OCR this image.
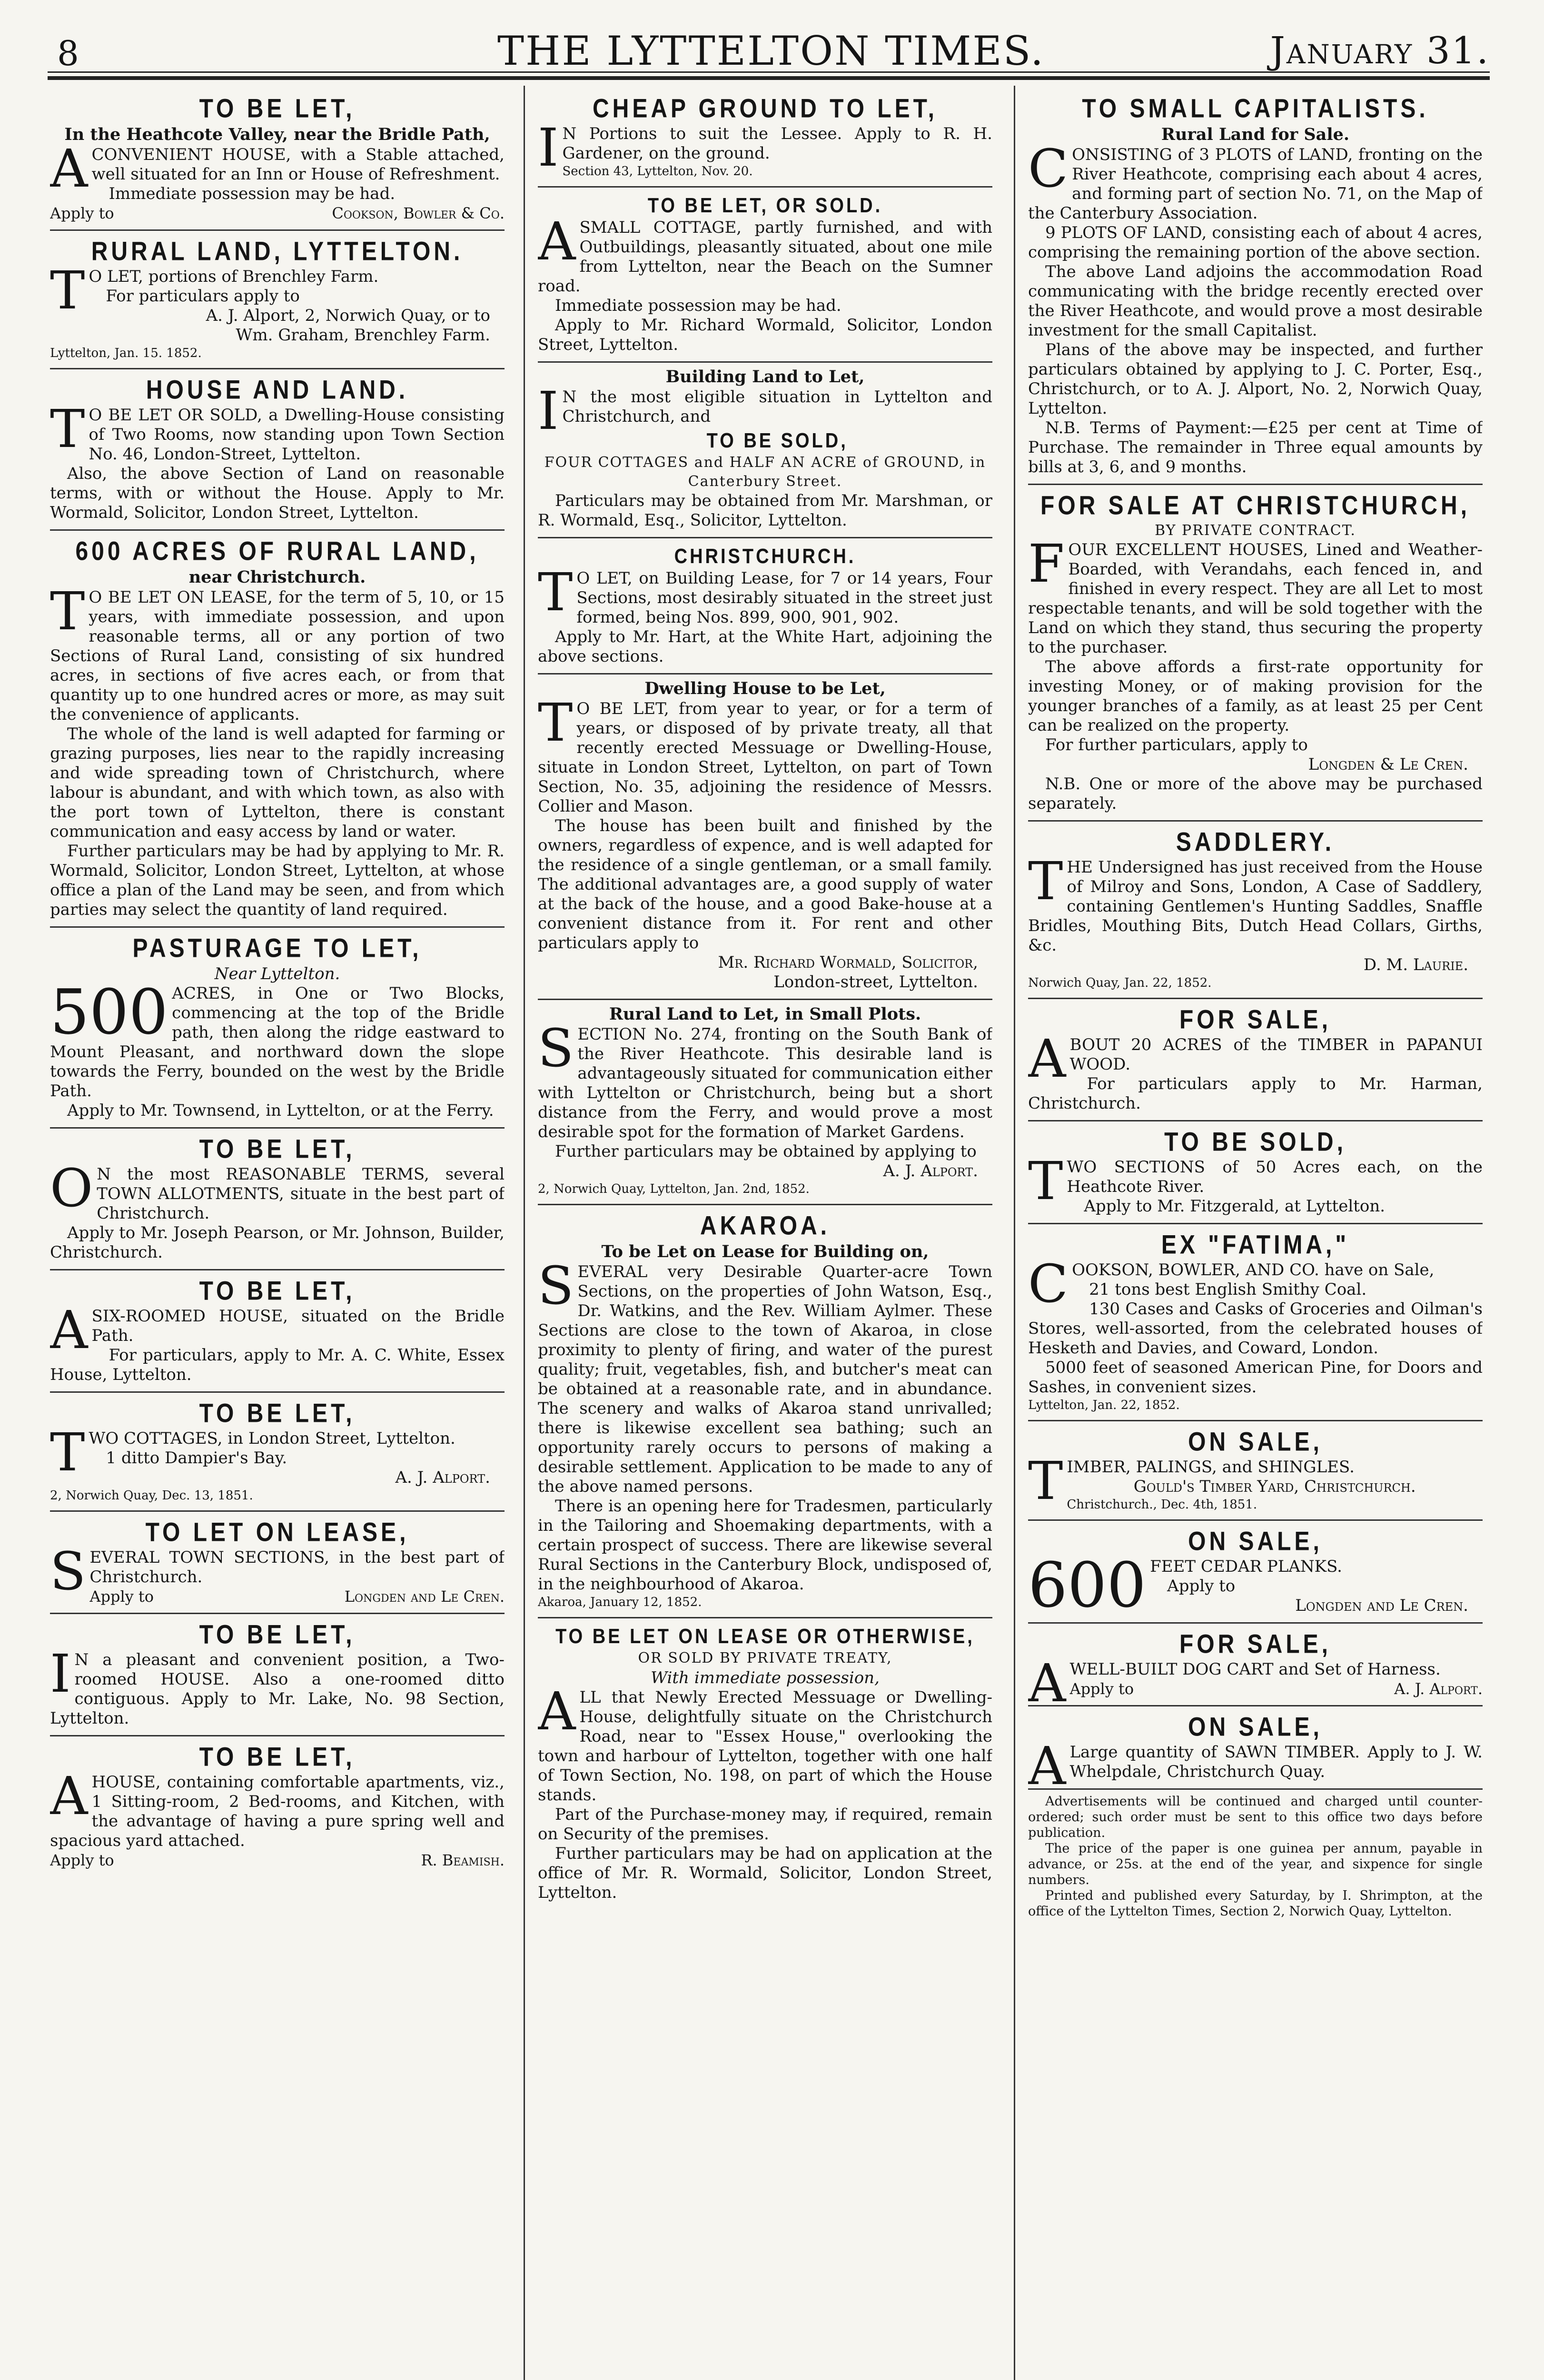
8	THE LYTTELTON TIMES.	January 31.
TO BE LET,
In the Heathcote Valley, near the Bridle Path,

ACONVENIENT HOUSE, with a Stable attached, well situated for an Inn or House of Refreshment.

Immediate possession may be had.

Apply to	Cookson, Bowler & Co.
RURAL LAND, LYTTELTON.

T O LET, portions of Brenchley Farm.

For particulars apply to

A. J. Alport, 2, Norwich Quay, or to

Wm. Graham, Brenchley Farm.

Lyttelton, Jan. 15. 1852.

HOUSE AND LAND.

T O BE LET OR SOLD, a Dwelling-House consisting of Two Rooms, now standing upon Town Section No. 46, London-Street, Lyttelton.

Also, the above Section of Land on reasonable terms, with or without the House. Apply to Mr. Wormald, Solicitor, London Street, Lyttelton.

600 ACRES OF RURAL LAND,
near Christchurch.

T O BE LET ON LEASE, for the term of 5, 10, or 15 years, with immediate possession, and upon reasonable terms, all or any portion of two Sections of Rural Land, consisting of six hundred acres, in sections of five acres each, or from that quantity up to one hundred acres or more, as may suit the convenience of applicants.

The whole of the land is well adapted for farming or grazing purposes, lies near to the rapidly increasing and wide spreading town of Christchurch, where labour is abundant, and with which town, as also with the port town of Lyttelton, there is constant communication and easy access by land or water.

Further particulars may be had by applying to Mr. R. Wormald, Solicitor, London Street, Lyttelton, at whose office a plan of the Land may be seen, and from which parties may select the quantity of land required.

PASTURAGE TO LET,
Near Lyttelton.

500 ACRES, in One or Two Blocks, commencing at the top of the Bridle path, then along the ridge eastward to Mount Pleasant, and northward down the slope towards the Ferry, bounded on the west by the Bridle Path.

Apply to Mr. Townsend, in Lyttelton, or at the Ferry.

TO BE LET,

O N the most REASONABLE TERMS, several TOWN ALLOTMENTS, situate in the best part of Christchurch.

Apply to Mr. Joseph Pearson, or Mr. Johnson, Builder, Christchurch.

TO BE LET,

ASIX-ROOMED HOUSE, situated on the Bridle Path.

For particulars, apply to Mr. A. C. White, Essex House, Lyttelton.

TO BE LET,

TWO COTTAGES, in London Street, Lyttelton.

1 ditto Dampier's Bay.

A. J. Alport.

2, Norwich Quay, Dec. 13, 1851.

TO LET ON LEASE,

SEVERAL TOWN SECTIONS, in the best part of Christchurch.

Apply to	Longden and Le Cren.
TO BE LET,

I N a pleasant and convenient position, a Two-roomed HOUSE. Also a one-roomed ditto contiguous. Apply to Mr. Lake, No. 98 Section, Lyttelton.

TO BE LET,

AHOUSE, containing comfortable apartments, viz., 1 Sitting-room, 2 Bed-rooms, and Kitchen, with the advantage of having a pure spring well and spacious yard attached.

Apply to	R. Beamish.
CHEAP GROUND TO LET,

I N Portions to suit the Lessee. Apply to R. H. Gardener, on the ground.

Section 43, Lyttelton, Nov. 20.

TO BE LET, OR SOLD.

ASMALL COTTAGE, partly furnished, and with Outbuildings, pleasantly situated, about one mile from Lyttelton, near the Beach on the Sumner road.

Immediate possession may be had.

Apply to Mr. Richard Wormald, Solicitor, London Street, Lyttelton.

Building Land to Let,

I N the most eligible situation in Lyttelton and Christchurch, and

TO BE SOLD,
FOUR COTTAGES and HALF AN ACRE of GROUND, in Canterbury Street.

Particulars may be obtained from Mr. Marshman, or R. Wormald, Esq., Solicitor, Lyttelton.

CHRISTCHURCH.

T O LET, on Building Lease, for 7 or 14 years, Four Sections, most desirably situated in the street just formed, being Nos. 899, 900, 901, 902.

Apply to Mr. Hart, at the White Hart, adjoining the above sections.

Dwelling House to be Let,

T O BE LET, from year to year, or for a term of years, or disposed of by private treaty, all that recently erected Messuage or Dwelling-House, situate in London Street, Lyttelton, on part of Town Section, No. 35, adjoining the residence of Messrs. Collier and Mason.

The house has been built and finished by the owners, regardless of expence, and is well adapted for the residence of a single gentleman, or a small family. The additional advantages are, a good supply of water at the back of the house, and a good Bake-house at a convenient distance from it. For rent and other particulars apply to

Mr. Richard Wormald, Solicitor,

London-street, Lyttelton.

Rural Land to Let, in Small Plots.

SECTION No. 274, fronting on the South Bank of the River Heathcote. This desirable land is advantageously situated for communication either with Lyttelton or Christchurch, being but a short distance from the Ferry, and would prove a most desirable spot for the formation of Market Gardens.

Further particulars may be obtained by applying to

A. J. Alport.

2, Norwich Quay, Lyttelton, Jan. 2nd, 1852.

AKAROA.
To be Let on Lease for Building on,

SEVERAL very Desirable Quarter-acre Town Sections, on the properties of John Watson, Esq., Dr. Watkins, and the Rev. William Aylmer. These Sections are close to the town of Akaroa, in close proximity to plenty of firing, and water of the purest quality; fruit, vegetables, fish, and butcher's meat can be obtained at a reasonable rate, and in abundance. The scenery and walks of Akaroa stand unrivalled; there is likewise excellent sea bathing; such an opportunity rarely occurs to persons of making a desirable settlement. Application to be made to any of the above named persons.

There is an opening here for Tradesmen, particularly in the Tailoring and Shoemaking departments, with a certain prospect of success. There are likewise several Rural Sections in the Canterbury Block, undisposed of, in the neighbourhood of Akaroa.

Akaroa, January 12, 1852.

TO BE LET ON LEASE OR OTHERWISE,
OR SOLD BY PRIVATE TREATY,
With immediate possession,

ALL that Newly Erected Messuage or Dwelling-House, delightfully situate on the Christchurch Road, near to "Essex House," overlooking the town and harbour of Lyttelton, together with one half of Town Section, No. 198, on part of which the House stands.

Part of the Purchase-money may, if required, remain on Security of the premises.

Further particulars may be had on application at the office of Mr. R. Wormald, Solicitor, London Street, Lyttelton.

TO SMALL CAPITALISTS.
Rural Land for Sale.

CONSISTING of 3 PLOTS of LAND, fronting on the River Heathcote, comprising each about 4 acres, and forming part of section No. 71, on the Map of the Canterbury Association.

9 PLOTS OF LAND, consisting each of about 4 acres, comprising the remaining portion of the above section.

The above Land adjoins the accommodation Road communicating with the bridge recently erected over the River Heathcote, and would prove a most desirable investment for the small Capitalist.

Plans of the above may be inspected, and further particulars obtained by applying to J. C. Porter, Esq., Christchurch, or to A. J. Alport, No. 2, Norwich Quay, Lyttelton.

N.B. Terms of Payment:—£25 per cent at Time of Purchase. The remainder in Three equal amounts by bills at 3, 6, and 9 months.

FOR SALE AT CHRISTCHURCH,
BY PRIVATE CONTRACT.

FOUR EXCELLENT HOUSES, Lined and Weather-Boarded, with Verandahs, each fenced in, and finished in every respect. They are all Let to most respectable tenants, and will be sold together with the Land on which they stand, thus securing the property to the purchaser.

The above affords a first-rate opportunity for investing Money, or of making provision for the younger branches of a family, as at least 25 per Cent can be realized on the property.

For further particulars, apply to

Longden & Le Cren.

N.B. One or more of the above may be purchased separately.

SADDLERY.

THE Undersigned has just received from the House of Milroy and Sons, London, A Case of Saddlery, containing Gentlemen's Hunting Saddles, Snaffle Bridles, Mouthing Bits, Dutch Head Collars, Girths, &c.

D. M. Laurie.

Norwich Quay, Jan. 22, 1852.

FOR SALE,

ABOUT 20 ACRES of the TIMBER in PAPANUI WOOD.

For particulars apply to Mr. Harman, Christchurch.

TO BE SOLD,

TWO SECTIONS of 50 Acres each, on the Heathcote River.

Apply to Mr. Fitzgerald, at Lyttelton.

EX "FATIMA,"

COOKSON, BOWLER, AND CO. have on Sale,

21 tons best English Smithy Coal.

130 Cases and Casks of Groceries and Oilman's Stores, well-assorted, from the celebrated houses of Hesketh and Davies, and Coward, London.

5000 feet of seasoned American Pine, for Doors and Sashes, in convenient sizes.

Lyttelton, Jan. 22, 1852.

ON SALE,

TIMBER, PALINGS, and SHINGLES.

Gould's Timber Yard, Christchurch.

Christchurch., Dec. 4th, 1851.

ON SALE,

600 FEET CEDAR PLANKS.

Apply to

Longden and Le Cren.

FOR SALE,

AWELL-BUILT DOG CART and Set of Harness.

Apply to	A. J. Alport.
ON SALE,

A Large quantity of SAWN TIMBER. Apply to J. W. Whelpdale, Christchurch Quay.

Advertisements will be continued and charged until counter-ordered; such order must be sent to this office two days before publication.

The price of the paper is one guinea per annum, payable in advance, or 25s. at the end of the year, and sixpence for single numbers.

Printed and published every Saturday, by I. Shrimpton, at the office of the Lyttelton Times, Section 2, Norwich Quay, Lyttelton.
